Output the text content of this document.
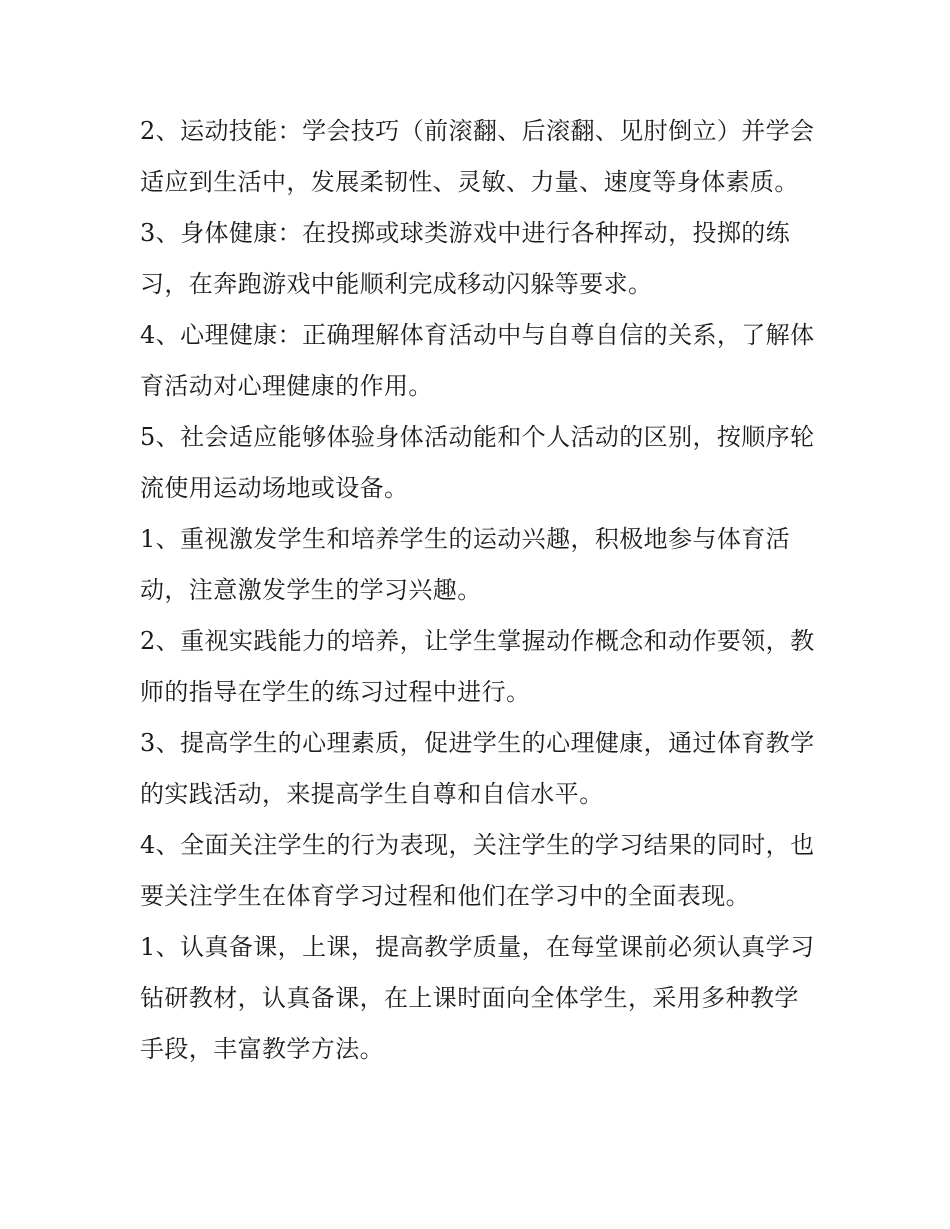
2、运动技能：学会技巧（前滚翻、后滚翻、见肘倒立）并学会适应到生活中，发展柔韧性、灵敏、力量、速度等身体素质。

3、身体健康：在投掷或球类游戏中进行各种挥动，投掷的练习，在奔跑游戏中能顺利完成移动闪躲等要求。

4、心理健康：正确理解体育活动中与自尊自信的关系，了解体育活动对心理健康的作用。

5、社会适应能够体验身体活动能和个人活动的区别，按顺序轮流使用运动场地或设备。

1、重视激发学生和培养学生的运动兴趣，积极地参与体育活动，注意激发学生的学习兴趣。

2、重视实践能力的培养，让学生掌握动作概念和动作要领，教师的指导在学生的练习过程中进行。

3、提高学生的心理素质，促进学生的心理健康，通过体育教学的实践活动，来提高学生自尊和自信水平。

4、全面关注学生的行为表现，关注学生的学习结果的同时，也要关注学生在体育学习过程和他们在学习中的全面表现。

1、认真备课，上课，提高教学质量，在每堂课前必须认真学习钻研教材，认真备课，在上课时面向全体学生，采用多种教学手段，丰富教学方法。
